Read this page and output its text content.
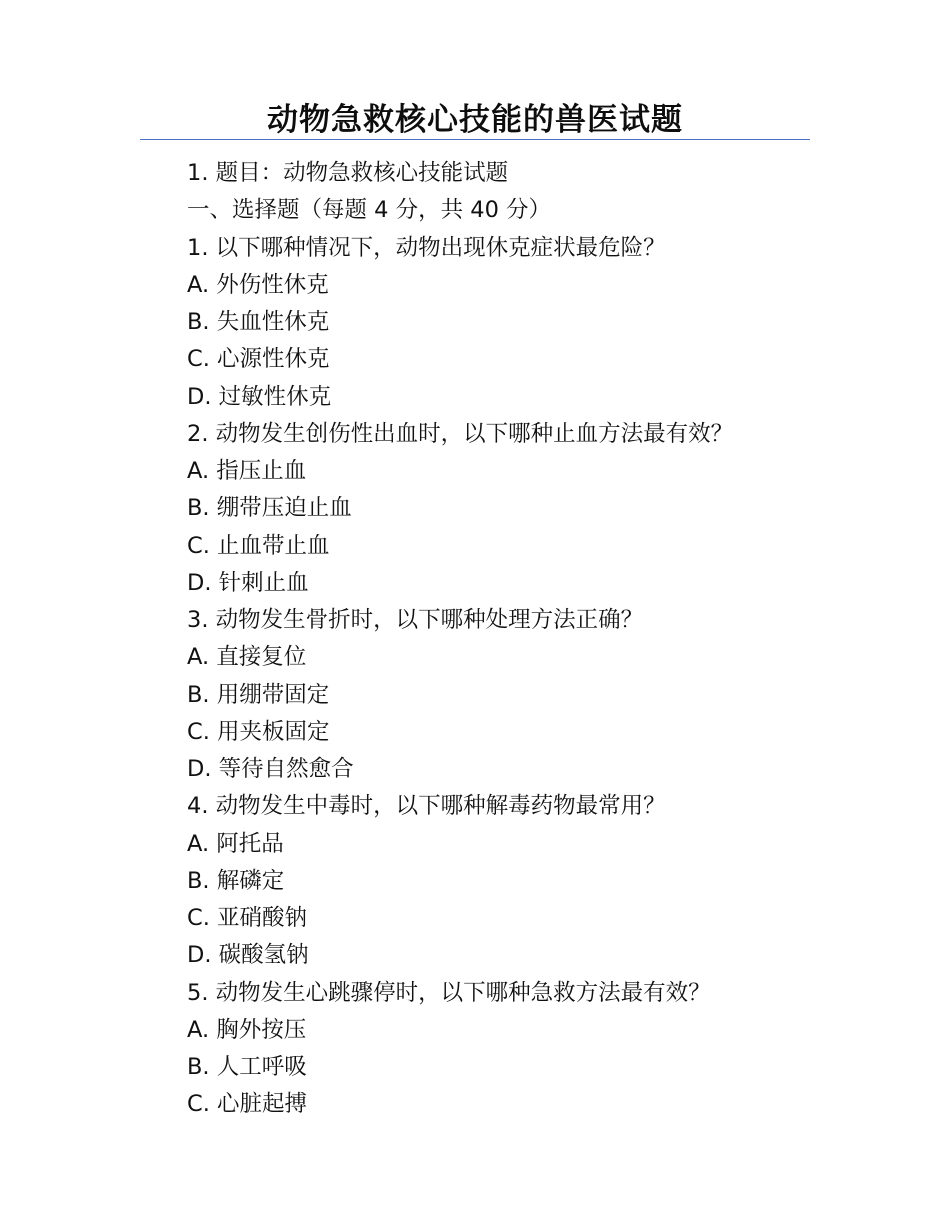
动物急救核心技能的兽医试题
1. 题目：动物急救核心技能试题
一、选择题（每题 4 分，共 40 分）
1. 以下哪种情况下，动物出现休克症状最危险？
A. 外伤性休克
B. 失血性休克
C. 心源性休克
D. 过敏性休克
2. 动物发生创伤性出血时，以下哪种止血方法最有效？
A. 指压止血
B. 绷带压迫止血
C. 止血带止血
D. 针刺止血
3. 动物发生骨折时，以下哪种处理方法正确？
A. 直接复位
B. 用绷带固定
C. 用夹板固定
D. 等待自然愈合
4. 动物发生中毒时，以下哪种解毒药物最常用？
A. 阿托品
B. 解磷定
C. 亚硝酸钠
D. 碳酸氢钠
5. 动物发生心跳骤停时，以下哪种急救方法最有效？
A. 胸外按压
B. 人工呼吸
C. 心脏起搏
